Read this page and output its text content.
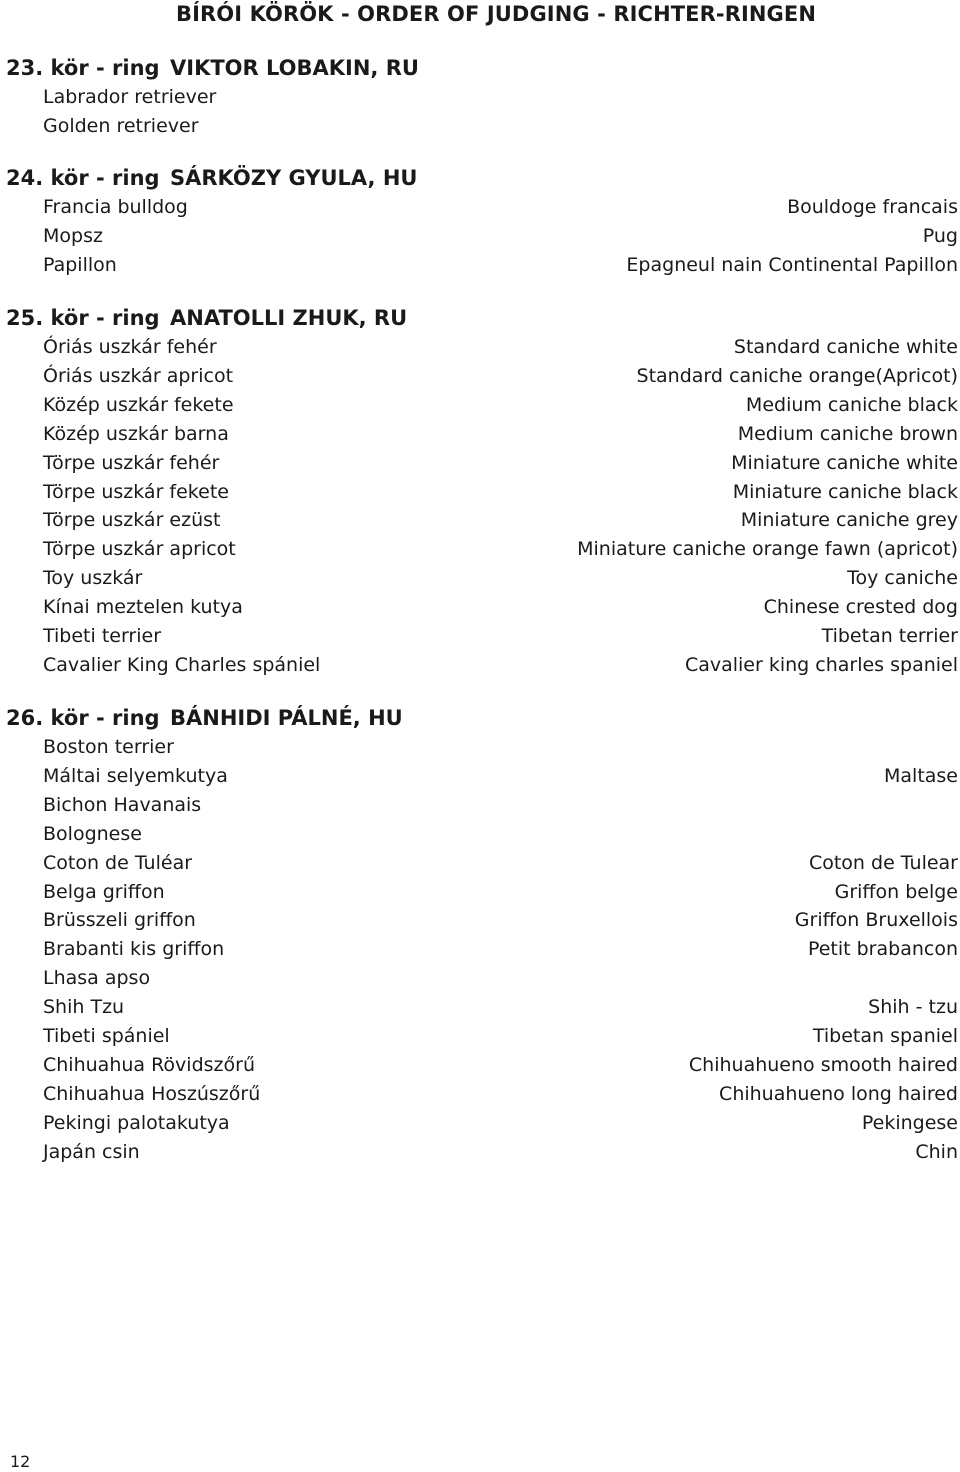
BÍRÓI KÖRÖK - ORDER OF JUDGING - RICHTER-RINGEN
12
23. kör - ring VIKTOR LOBAKIN, RU
Labrador retriever
Golden retriever
24. kör - ring SÁRKÖZY GYULA, HU
Francia bulldog	Bouldoge francais
Mopsz	Pug
Papillon	Epagneul nain Continental Papillon
25. kör - ring ANATOLLI ZHUK, RU
Óriás uszkár fehér	Standard caniche white
Óriás uszkár apricot	Standard caniche orange(Apricot)
Közép uszkár fekete	Medium caniche black
Közép uszkár barna	Medium caniche brown
Törpe uszkár fehér	Miniature caniche white
Törpe uszkár fekete	Miniature caniche black
Törpe uszkár ezüst	Miniature caniche grey
Törpe uszkár apricot	Miniature caniche orange fawn (apricot)
Toy uszkár	Toy caniche
Kínai meztelen kutya	Chinese crested dog
Tibeti terrier	Tibetan terrier
Cavalier King Charles spániel	Cavalier king charles spaniel
26. kör - ring BÁNHIDI PÁLNÉ, HU
Boston terrier
Máltai selyemkutya	Maltase
Bichon Havanais
Bolognese
Coton de Tuléar	Coton de Tulear
Belga griffon	Griffon belge
Brüsszeli griffon	Griffon Bruxellois
Brabanti kis griffon	Petit brabancon
Lhasa apso
Shih Tzu	Shih - tzu
Tibeti spániel	Tibetan spaniel
Chihuahua Rövidszőrű	Chihuahueno smooth haired
Chihuahua Hoszúszőrű	Chihuahueno long haired
Pekingi palotakutya	Pekingese
Japán csin	Chin
